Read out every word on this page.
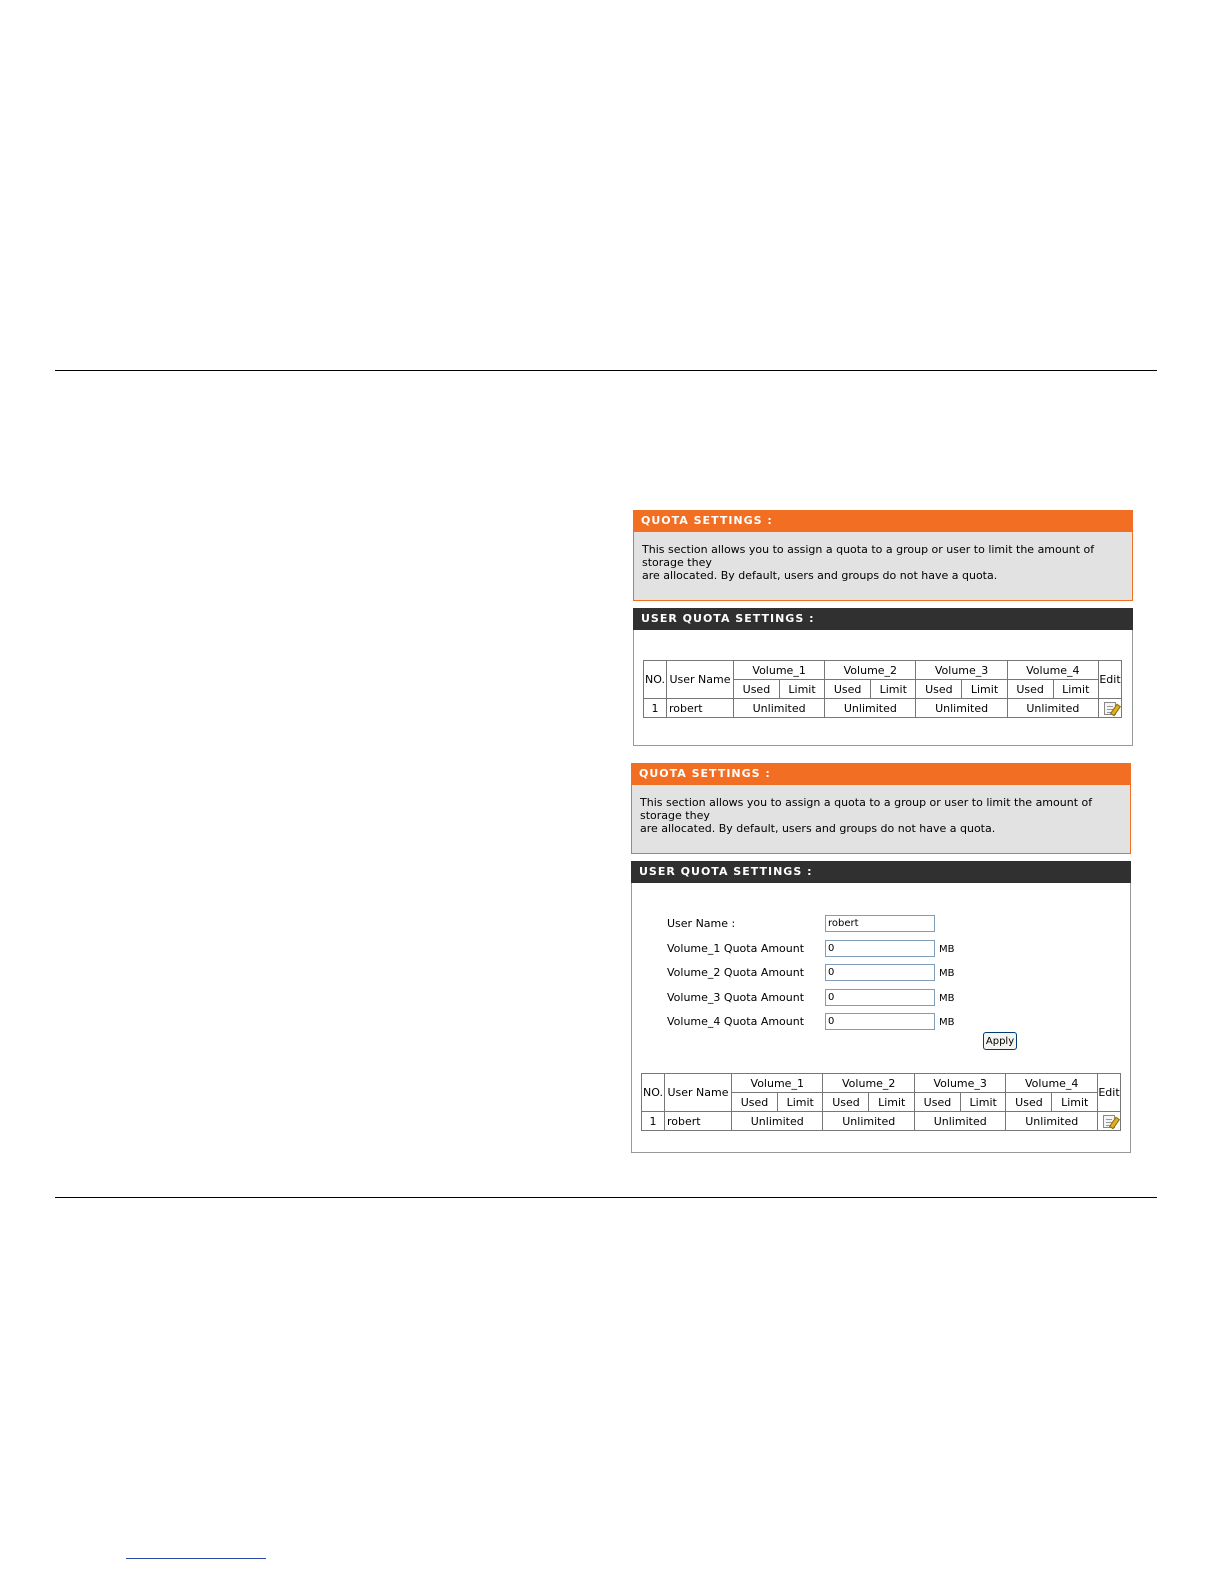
QUOTA SETTINGS :
This section allows you to assign a quota to a group or user to limit the amount of storage they
are allocated. By default, users and groups do not have a quota.
USER QUOTA SETTINGS :
NO.	User Name	Volume_1		Volume_2		Volume_3		Volume_4		Edit
		Used	Limit	Used	Limit	Used	Limit	Used	Limit	
1	robert	Unlimited		Unlimited		Unlimited		Unlimited		
QUOTA SETTINGS :
This section allows you to assign a quota to a group or user to limit the amount of storage they
are allocated. By default, users and groups do not have a quota.
USER QUOTA SETTINGS :
User Name :
robert
Volume_1 Quota Amount
0	MB
Volume_2 Quota Amount
0	MB
Volume_3 Quota Amount
0	MB
Volume_4 Quota Amount
0	MB
Apply
NO.	User Name	Volume_1		Volume_2		Volume_3		Volume_4		Edit
		Used	Limit	Used	Limit	Used	Limit	Used	Limit	
1	robert	Unlimited		Unlimited		Unlimited		Unlimited		
